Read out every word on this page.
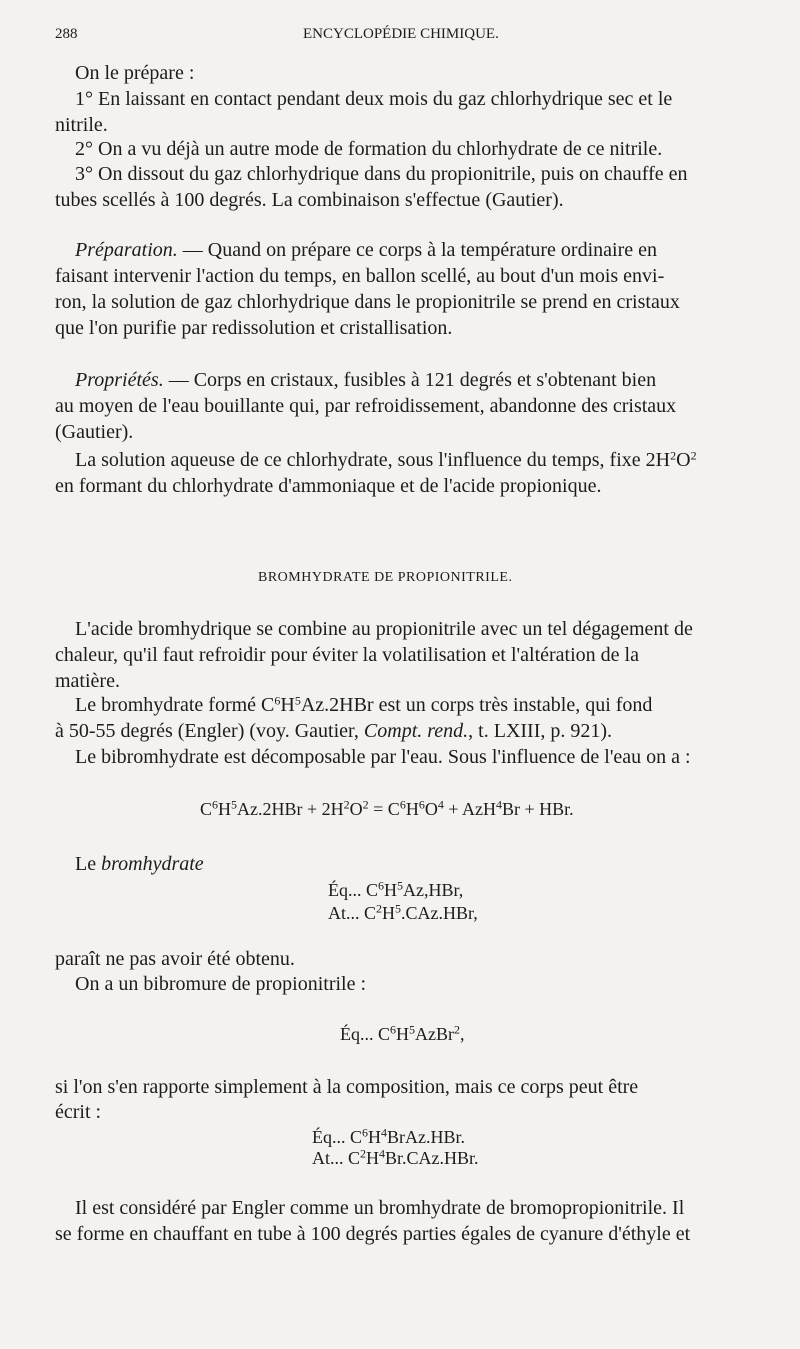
288	ENCYCLOPÉDIE CHIMIQUE.
On le prépare :
1° En laissant en contact pendant deux mois du gaz chlorhydrique sec et le
nitrile.
2° On a vu déjà un autre mode de formation du chlorhydrate de ce nitrile.
3° On dissout du gaz chlorhydrique dans du propionitrile, puis on chauffe en
tubes scellés à 100 degrés. La combinaison s'effectue (Gautier).
Préparation. — Quand on prépare ce corps à la température ordinaire en
faisant intervenir l'action du temps, en ballon scellé, au bout d'un mois envi-
ron, la solution de gaz chlorhydrique dans le propionitrile se prend en cristaux
que l'on purifie par redissolution et cristallisation.
Propriétés. — Corps en cristaux, fusibles à 121 degrés et s'obtenant bien
au moyen de l'eau bouillante qui, par refroidissement, abandonne des cristaux
(Gautier).
La solution aqueuse de ce chlorhydrate, sous l'influence du temps, fixe $2H^2O^2$
en formant du chlorhydrate d'ammoniaque et de l'acide propionique.
BROMHYDRATE DE PROPIONITRILE.
L'acide bromhydrique se combine au propionitrile avec un tel dégagement de
chaleur, qu'il faut refroidir pour éviter la volatilisation et l'altération de la
matière.
Le bromhydrate formé $C^6H^5Az.2HBr$ est un corps très instable, qui fond
à 50-55 degrés (Engler) (voy. Gautier, Compt. rend., t. LXIII, p. 921).
Le bibromhydrate est décomposable par l'eau. Sous l'influence de l'eau on a :
$C^6H^5Az.2HBr + 2H^2O^2 = C^6H^6O^4 + AzH^4Br$ + HBr.
Le bromhydrate
Éq... $C^6H^5Az,HBr$,
At... $C^2H^5.CAz.HBr$,
paraît ne pas avoir été obtenu.
On a un bibromure de propionitrile :
Éq... $C^6H^5AzBr^2$,
si l'on s'en rapporte simplement à la composition, mais ce corps peut être
écrit :
Éq... $C^6H^4BrAz.HBr$.
At... $C^2H^4Br.CAz.HBr$.
Il est considéré par Engler comme un bromhydrate de bromopropionitrile. Il
se forme en chauffant en tube à 100 degrés parties égales de cyanure d'éthyle et
